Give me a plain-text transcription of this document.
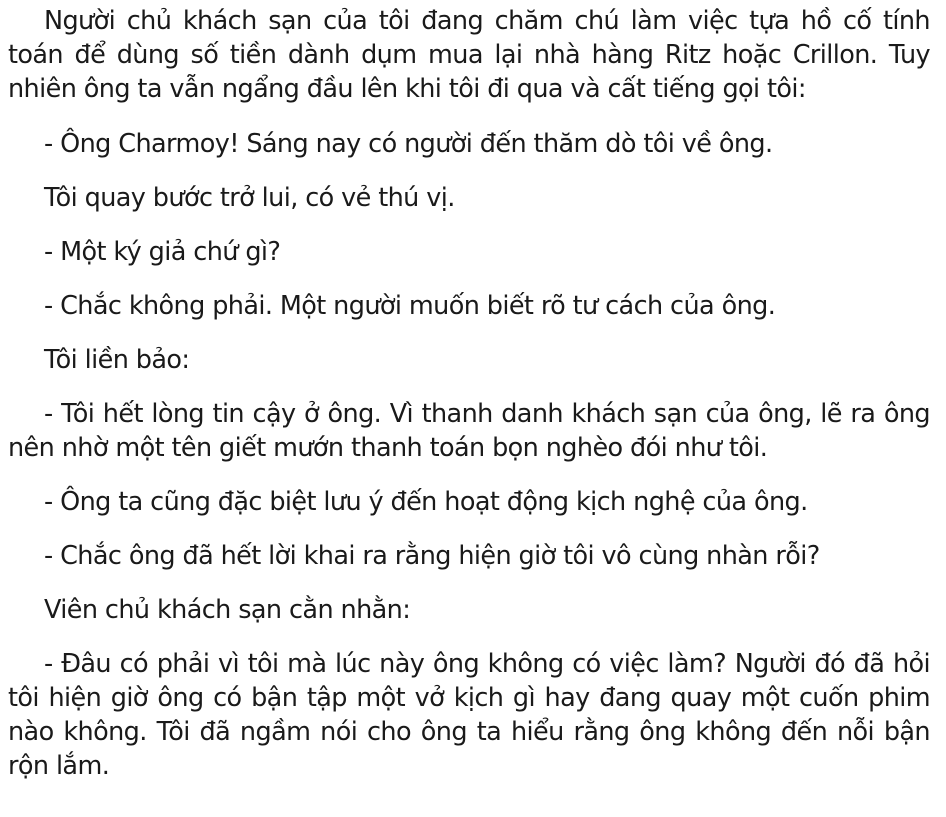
Người chủ khách sạn của tôi đang chăm chú làm việc tựa hồ cố tính toán để dùng số tiền dành dụm mua lại nhà hàng Ritz hoặc Crillon. Tuy nhiên ông ta vẫn ngẩng đầu lên khi tôi đi qua và cất tiếng gọi tôi:

- Ông Charmoy! Sáng nay có người đến thăm dò tôi về ông.

Tôi quay bước trở lui, có vẻ thú vị.

- Một ký giả chứ gì?

- Chắc không phải. Một người muốn biết rõ tư cách của ông.

Tôi liền bảo:

- Tôi hết lòng tin cậy ở ông. Vì thanh danh khách sạn của ông, lẽ ra ông nên nhờ một tên giết mướn thanh toán bọn nghèo đói như tôi.

- Ông ta cũng đặc biệt lưu ý đến hoạt động kịch nghệ của ông.

- Chắc ông đã hết lời khai ra rằng hiện giờ tôi vô cùng nhàn rỗi?

Viên chủ khách sạn cằn nhằn:

- Đâu có phải vì tôi mà lúc này ông không có việc làm? Người đó đã hỏi tôi hiện giờ ông có bận tập một vở kịch gì hay đang quay một cuốn phim nào không. Tôi đã ngầm nói cho ông ta hiểu rằng ông không đến nỗi bận rộn lắm.
